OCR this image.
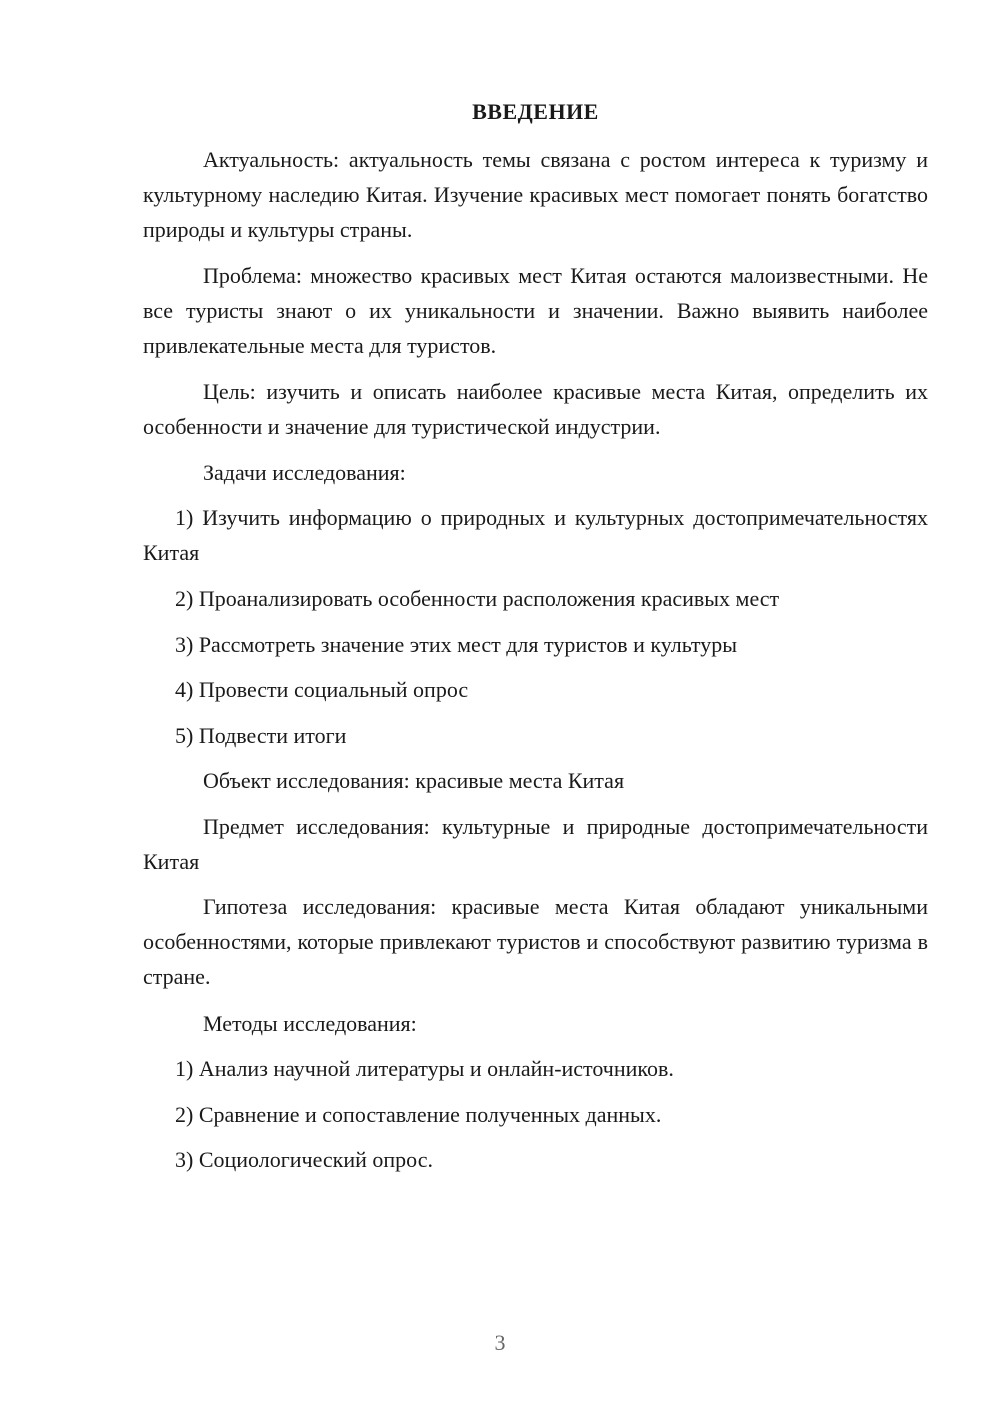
ВВЕДЕНИЕ

Актуальность: актуальность темы связана с ростом интереса к туризму и культурному наследию Китая. Изучение красивых мест помогает понять богатство природы и культуры страны.

Проблема: множество красивых мест Китая остаются малоизвестными. Не все туристы знают о их уникальности и значении. Важно выявить наиболее привлекательные места для туристов.

Цель: изучить и описать наиболее красивые места Китая, определить их особенности и значение для туристической индустрии.

Задачи исследования:

1) Изучить информацию о природных и культурных достопримечательностях Китая

2) Проанализировать особенности расположения красивых мест

3) Рассмотреть значение этих мест для туристов и культуры

4) Провести социальный опрос

5) Подвести итоги

Объект исследования: красивые места Китая

Предмет исследования: культурные и природные достопримечательности Китая

Гипотеза исследования: красивые места Китая обладают уникальными особенностями, которые привлекают туристов и способствуют развитию туризма в стране.

Методы исследования:

1) Анализ научной литературы и онлайн-источников.

2) Сравнение и сопоставление полученных данных.

3) Социологический опрос.

3
